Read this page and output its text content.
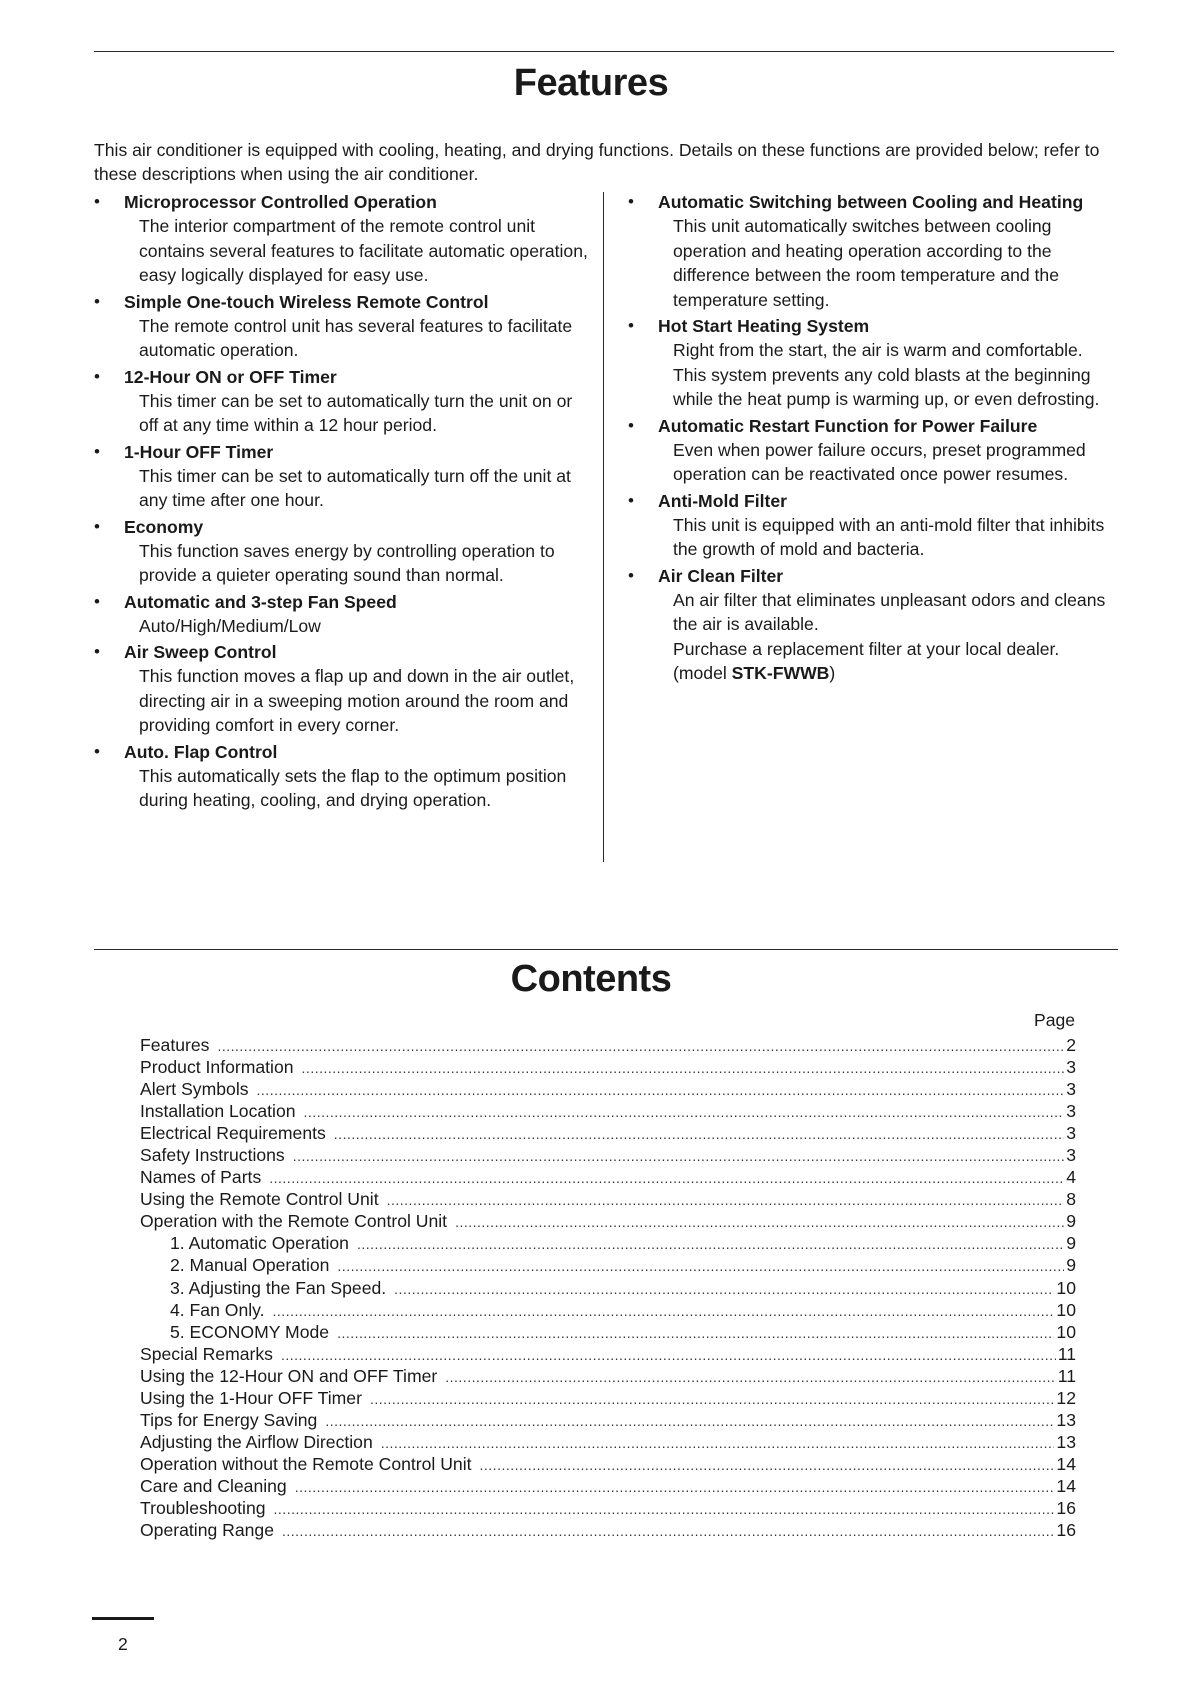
Features
This air conditioner is equipped with cooling, heating, and drying functions. Details on these functions are provided below; refer to these descriptions when using the air conditioner.
• Microprocessor Controlled Operation
The interior compartment of the remote control unit contains several features to facilitate automatic operation, easy logically displayed for easy use.
• Simple One-touch Wireless Remote Control
The remote control unit has several features to facilitate automatic operation.
• 12-Hour ON or OFF Timer
This timer can be set to automatically turn the unit on or off at any time within a 12 hour period.
• 1-Hour OFF Timer
This timer can be set to automatically turn off the unit at any time after one hour.
• Economy
This function saves energy by controlling operation to provide a quieter operating sound than normal.
• Automatic and 3-step Fan Speed
Auto/High/Medium/Low
• Air Sweep Control
This function moves a flap up and down in the air outlet, directing air in a sweeping motion around the room and providing comfort in every corner.
• Auto. Flap Control
This automatically sets the flap to the optimum position during heating, cooling, and drying operation.
• Automatic Switching between Cooling and Heating
This unit automatically switches between cooling operation and heating operation according to the difference between the room temperature and the temperature setting.
• Hot Start Heating System
Right from the start, the air is warm and comfortable. This system prevents any cold blasts at the beginning while the heat pump is warming up, or even defrosting.
• Automatic Restart Function for Power Failure
Even when power failure occurs, preset programmed operation can be reactivated once power resumes.
• Anti-Mold Filter
This unit is equipped with an anti-mold filter that inhibits the growth of mold and bacteria.
• Air Clean Filter
An air filter that eliminates unpleasant odors and cleans the air is available.
Purchase a replacement filter at your local dealer.
(model STK-FWWB)
Contents
Page
Features .....	2
Product Information .....	3
Alert Symbols .....	3
Installation Location .....	3
Electrical Requirements .....	3
Safety Instructions .....	3
Names of Parts .....	4
Using the Remote Control Unit .....	8
Operation with the Remote Control Unit .....	9
1. Automatic Operation .....	9
2. Manual Operation .....	9
3. Adjusting the Fan Speed. .....	10
4. Fan Only. .....	10
5. ECONOMY Mode .....	10
Special Remarks .....	11
Using the 12-Hour ON and OFF Timer .....	11
Using the 1-Hour OFF Timer .....	12
Tips for Energy Saving .....	13
Adjusting the Airflow Direction .....	13
Operation without the Remote Control Unit .....	14
Care and Cleaning .....	14
Troubleshooting .....	16
Operating Range .....	16
2
